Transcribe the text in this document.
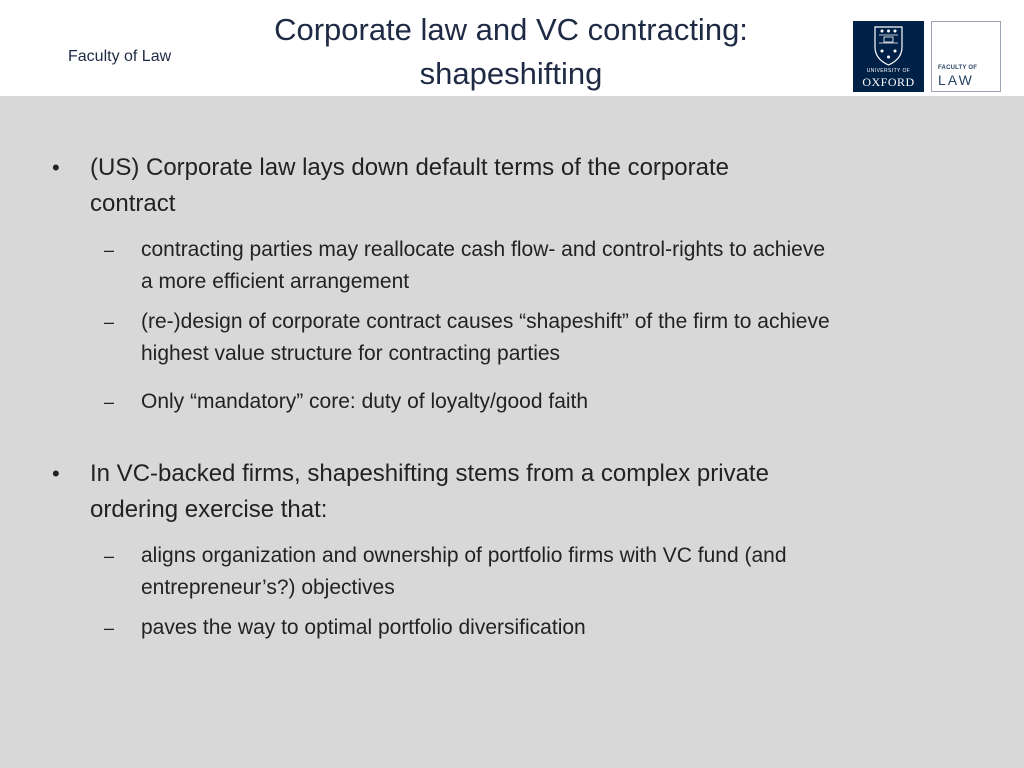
Faculty of Law
Corporate law and VC contracting: shapeshifting	UNIVERSITY OF
OXFORD
FACULTY OF
LAW
• (US) Corporate law lays down default terms of the corporate contract
– contracting parties may reallocate cash flow- and control-rights to achieve a more efficient arrangement
– (re-)design of corporate contract causes “shapeshift” of the firm to achieve highest value structure for contracting parties
– Only “mandatory” core: duty of loyalty/good faith
• In VC-backed firms, shapeshifting stems from a complex private ordering exercise that:
– aligns organization and ownership of portfolio firms with VC fund (and entrepreneur’s?) objectives
– paves the way to optimal portfolio diversification
